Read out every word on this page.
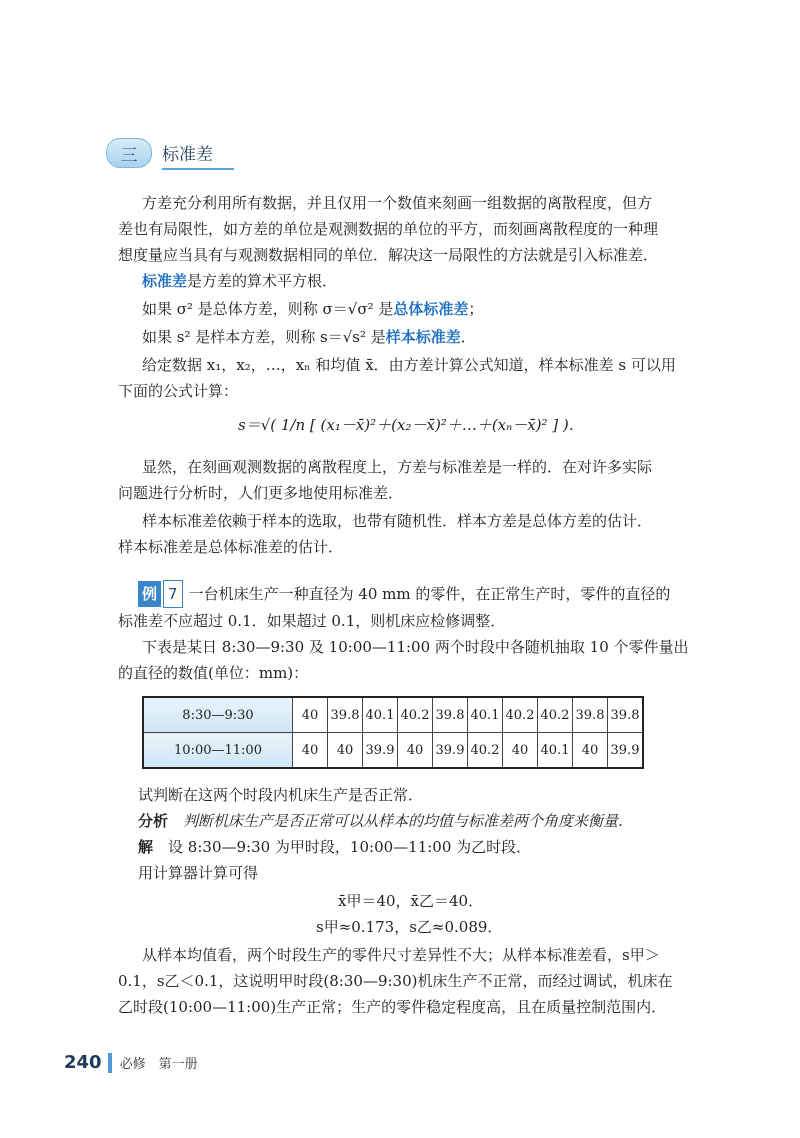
三	标准差
方差充分利用所有数据，并且仅用一个数值来刻画一组数据的离散程度，但方
差也有局限性，如方差的单位是观测数据的单位的平方，而刻画离散程度的一种理
想度量应当具有与观测数据相同的单位．解决这一局限性的方法就是引入标准差．
标准差是方差的算术平方根．
如果 σ² 是总体方差，则称 σ＝√σ² 是总体标准差；
如果 s² 是样本方差，则称 s＝√s² 是样本标准差．
给定数据 x₁，x₂，…，xₙ 和均值 x̄．由方差计算公式知道，样本标准差 s 可以用
下面的公式计算：
s＝√( 1/n [ (x₁－x̄)²＋(x₂－x̄)²＋…＋(xₙ－x̄)² ] )．
显然，在刻画观测数据的离散程度上，方差与标准差是一样的．在对许多实际
问题进行分析时，人们更多地使用标准差．
样本标准差依赖于样本的选取，也带有随机性．样本方差是总体方差的估计．
样本标准差是总体标准差的估计．
例 7 一台机床生产一种直径为 40 mm 的零件，在正常生产时，零件的直径的
标准差不应超过 0.1．如果超过 0.1，则机床应检修调整．
下表是某日 8:30—9:30 及 10:00—11:00 两个时段中各随机抽取 10 个零件量出
的直径的数值(单位：mm)：
8:30—9:30	40	39.8	40.1	40.2	39.8	40.1	40.2	40.2	39.8	39.8
10:00—11:00	40	40	39.9	40	39.9	40.2	40	40.1	40	39.9
试判断在这两个时段内机床生产是否正常．
分析　 判断机床生产是否正常可以从样本的均值与标准差两个角度来衡量．
解　 设 8:30—9:30 为甲时段，10:00—11:00 为乙时段．
用计算器计算可得
x̄甲＝40，x̄乙＝40．
s甲≈0.173，s乙≈0.089．
从样本均值看，两个时段生产的零件尺寸差异性不大；从样本标准差看，s甲＞
0.1，s乙＜0.1，这说明甲时段(8:30—9:30)机床生产不正常，而经过调试，机床在
乙时段(10:00—11:00)生产正常；生产的零件稳定程度高，且在质量控制范围内．
240 必修　第一册
